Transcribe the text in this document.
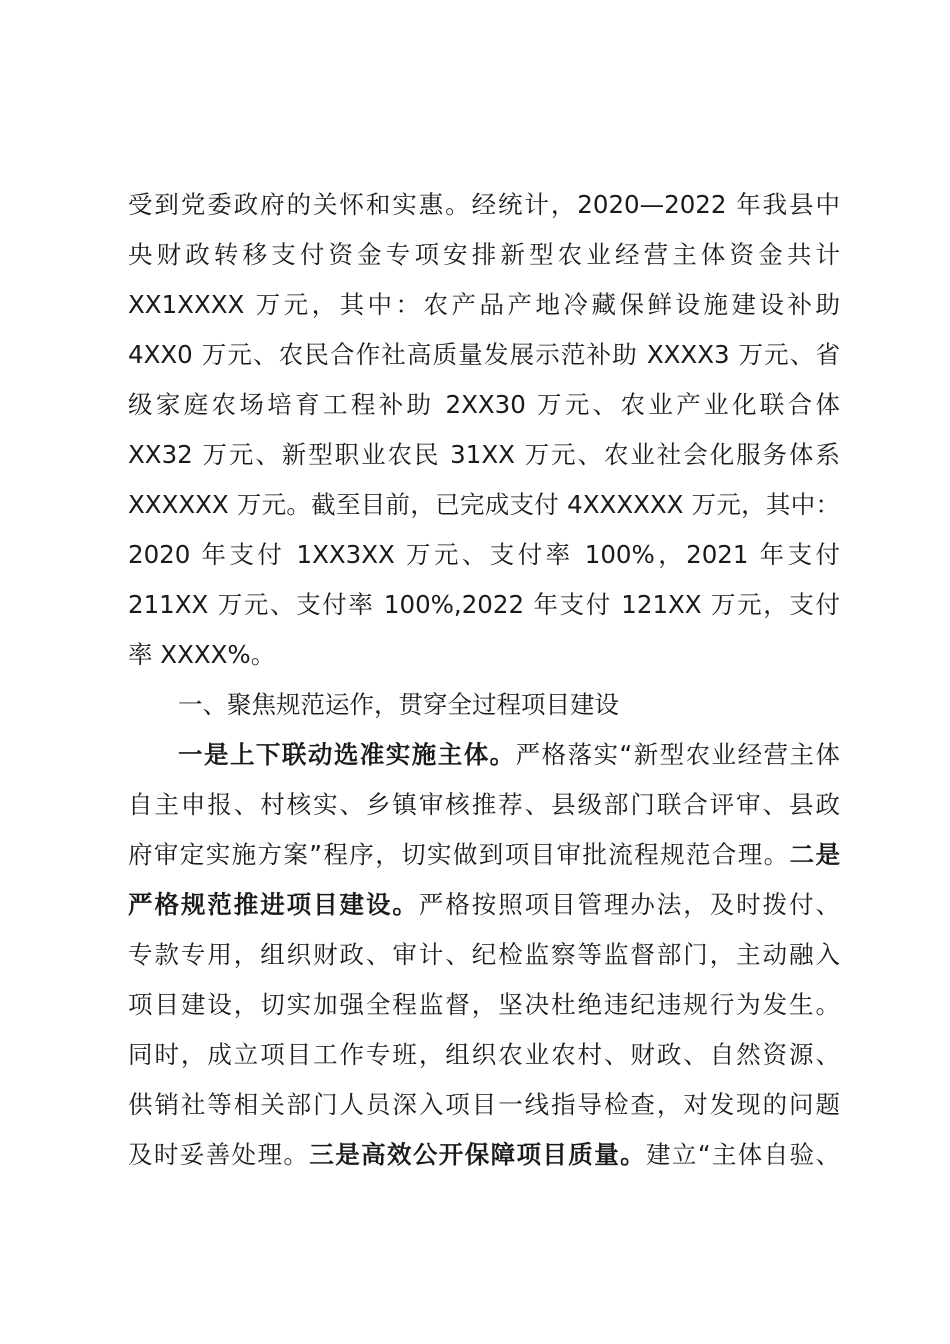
受到党委政府的关怀和实惠。经统计，2020—2022 年我县中
央财政转移支付资金专项安排新型农业经营主体资金共计
XX1XXXX 万元，其中：农产品产地冷藏保鲜设施建设补助
4XX0 万元、农民合作社高质量发展示范补助 XXXX3 万元、省
级家庭农场培育工程补助 2XX30 万元、农业产业化联合体
XX32 万元、新型职业农民 31XX 万元、农业社会化服务体系
XXXXXX 万元。截至目前，已完成支付 4XXXXXX 万元，其中：
2020 年支付 1XX3XX 万元、支付率 100%，2021 年支付
211XX 万元、支付率 100%,2022 年支付 121XX 万元，支付
率 XXXX%。
一、聚焦规范运作，贯穿全过程项目建设
一是上下联动选准实施主体。严格落实“新型农业经营主体
自主申报、村核实、乡镇审核推荐、县级部门联合评审、县政
府审定实施方案”程序，切实做到项目审批流程规范合理。二是
严格规范推进项目建设。严格按照项目管理办法，及时拨付、
专款专用，组织财政、审计、纪检监察等监督部门，主动融入
项目建设，切实加强全程监督，坚决杜绝违纪违规行为发生。
同时，成立项目工作专班，组织农业农村、财政、自然资源、
供销社等相关部门人员深入项目一线指导检查，对发现的问题
及时妥善处理。三是高效公开保障项目质量。建立“主体自验、
